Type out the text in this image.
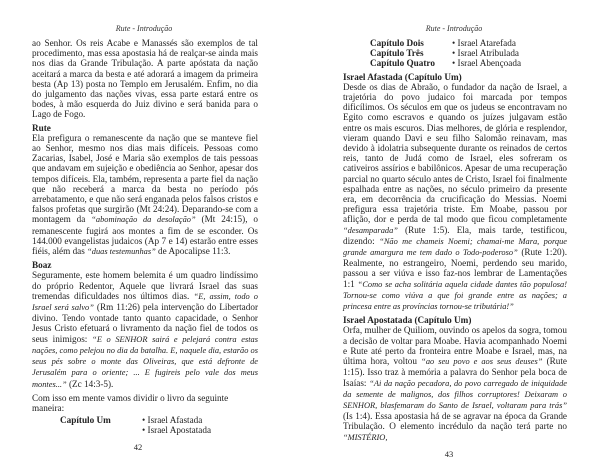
Rute - Introdução

ao Senhor. Os reis Acabe e Manassés são exemplos de tal procedimento, mas essa apostasia há de realçar-se ainda mais nos dias da Grande Tribulação. A parte apóstata da nação aceitará a marca da besta e até adorará a imagem da primeira besta (Ap 13) posta no Templo em Jerusalém. Enfim, no dia do julgamento das nações vivas, essa parte estará entre os bodes, à mão esquerda do Juiz divino e será banida para o Lago de Fogo.

Rute

Ela prefigura o remanescente da nação que se manteve fiel ao Senhor, mesmo nos dias mais difíceis. Pessoas como Zacarias, Isabel, José e Maria são exemplos de tais pessoas que andavam em sujeição e obediência ao Senhor, apesar dos tempos difíceis. Ela, também, representa a parte fiel da nação que não receberá a marca da besta no período pós arrebatamento, e que não será enganada pelos falsos cristos e falsos profetas que surgirão (Mt 24:24). Deparando-se com a montagem da “abominação da desolação” (Mt 24:15), o remanescente fugirá aos montes a fim de se esconder. Os 144.000 evangelistas judaicos (Ap 7 e 14) estarão entre esses fiéis, além das “duas testemunhas” de Apocalipse 11:3.

Boaz

Seguramente, este homem belemita é um quadro lindíssimo do próprio Redentor, Aquele que livrará Israel das suas tremendas dificuldades nos últimos dias. “E, assim, todo o Israel será salvo” (Rm 11:26) pela intervenção do Libertador divino. Tendo vontade tanto quanto capacidade, o Senhor Jesus Cristo efetuará o livramento da nação fiel de todos os seus inimigos: “E o SENHOR sairá e pelejará contra estas nações, como pelejou no dia da batalha. E, naquele dia, estarão os seus pés sobre o monte das Oliveiras, que está defronte de Jerusalém para o oriente; ... E fugireis pelo vale dos meus montes...” (Zc 14:3-5).

Com isso em mente vamos dividir o livro da seguinte maneira:

Capítulo Um	• Israel Afastada
• Israel Apostatada
42
Rute - Introdução
Capítulo Dois	• Israel Atarefada
Capítulo Três	• Israel Atribulada
Capítulo Quatro	• Israel Abençoada
Israel Afastada (Capítulo Um)

Desde os dias de Abraão, o fundador da nação de Israel, a trajetória do povo judaico foi marcada por tempos dificílimos. Os séculos em que os judeus se encontravam no Egito como escravos e quando os juízes julgavam estão entre os mais escuros. Dias melhores, de glória e resplendor, vieram quando Davi e seu filho Salomão reinavam, mas devido à idolatria subsequente durante os reinados de certos reis, tanto de Judá como de Israel, eles sofreram os cativeiros assírios e babilônicos. Apesar de uma recuperação parcial no quarto século antes de Cristo, Israel foi finalmente espalhada entre as nações, no século primeiro da presente era, em decorrência da crucificação do Messias. Noemi prefigura essa trajetória triste. Em Moabe, passou por aflição, dor e perda de tal modo que ficou completamente “desamparada” (Rute 1:5). Ela, mais tarde, testificou, dizendo: “Não me chameis Noemi; chamai-me Mara, porque grande amargura me tem dado o Todo-poderoso” (Rute 1:20). Realmente, no estrangeiro, Noemi, perdendo seu marido, passou a ser viúva e isso faz-nos lembrar de Lamentações 1:1 “Como se acha solitária aquela cidade dantes tão populosa! Tornou-se como viúva a que foi grande entre as nações; a princesa entre as províncias tornou-se tributária!”

Israel Apostatada (Capítulo Um)

Orfa, mulher de Quiliom, ouvindo os apelos da sogra, tomou a decisão de voltar para Moabe. Havia acompanhado Noemi e Rute até perto da fronteira entre Moabe e Israel, mas, na última hora, voltou “ao seu povo e aos seus deuses” (Rute 1:15). Isso traz à memória a palavra do Senhor pela boca de Isaías: “Ai da nação pecadora, do povo carregado de iniquidade da semente de malignos, dos filhos corruptores! Deixaram o SENHOR, blasfemaram do Santo de Israel, voltaram para trás” (Is 1:4). Essa apostasia há de se agravar na época da Grande Tribulação. O elemento incrédulo da nação terá parte no “MISTÉRIO,

43
